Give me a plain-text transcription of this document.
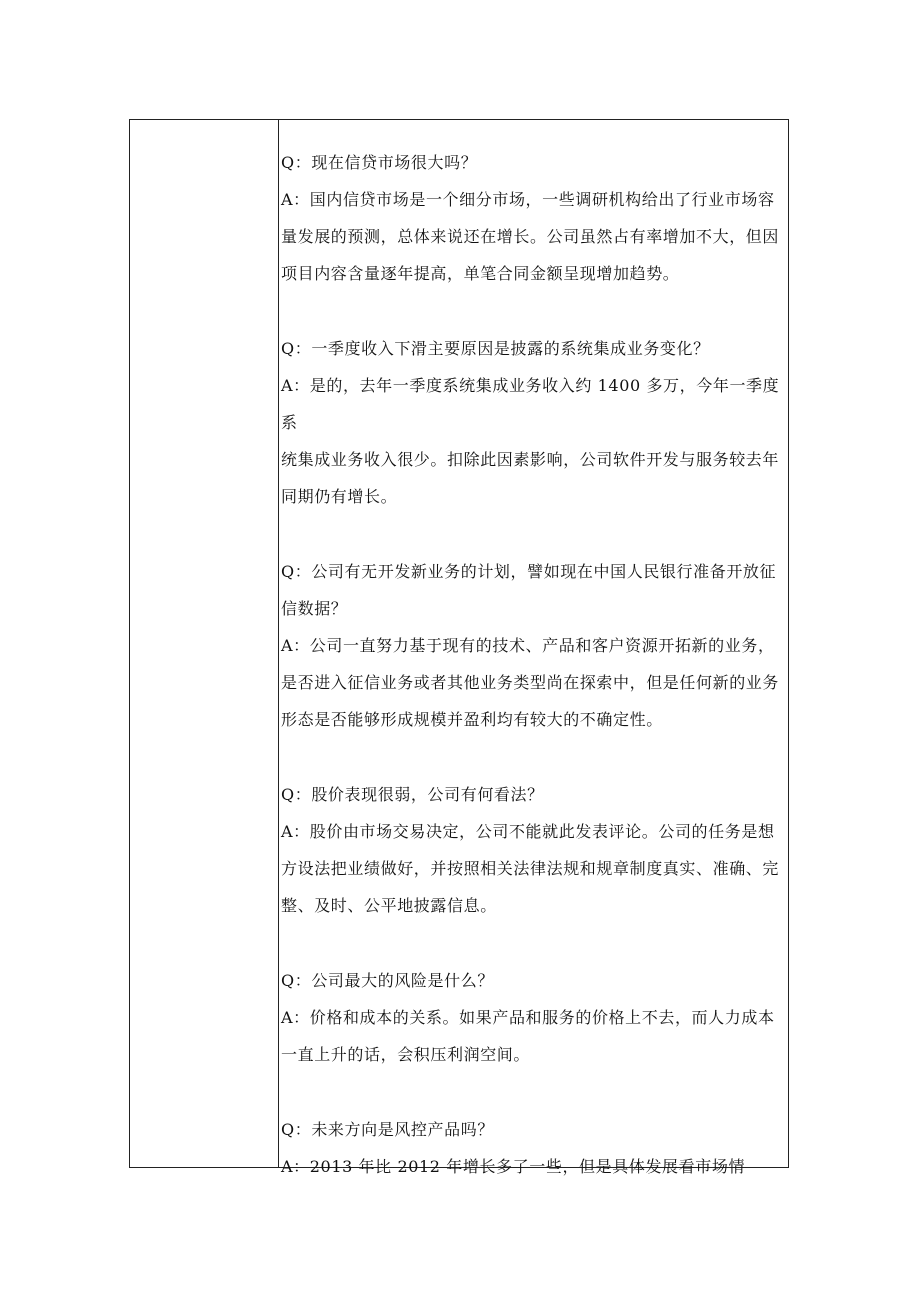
Q：现在信贷市场很大吗？

A：国内信贷市场是一个细分市场，一些调研机构给出了行业市场容

量发展的预测，总体来说还在增长。公司虽然占有率增加不大，但因

项目内容含量逐年提高，单笔合同金额呈现增加趋势。

Q：一季度收入下滑主要原因是披露的系统集成业务变化？

A：是的，去年一季度系统集成业务收入约 1400 多万，今年一季度系

统集成业务收入很少。扣除此因素影响，公司软件开发与服务较去年

同期仍有增长。

Q：公司有无开发新业务的计划，譬如现在中国人民银行准备开放征

信数据？

A：公司一直努力基于现有的技术、产品和客户资源开拓新的业务，

是否进入征信业务或者其他业务类型尚在探索中，但是任何新的业务

形态是否能够形成规模并盈利均有较大的不确定性。

Q：股价表现很弱，公司有何看法？

A：股价由市场交易决定，公司不能就此发表评论。公司的任务是想

方设法把业绩做好，并按照相关法律法规和规章制度真实、准确、完

整、及时、公平地披露信息。

Q：公司最大的风险是什么？

A：价格和成本的关系。如果产品和服务的价格上不去，而人力成本

一直上升的话，会积压利润空间。

Q：未来方向是风控产品吗？

A：2013 年比 2012 年增长多了一些，但是具体发展看市场情
